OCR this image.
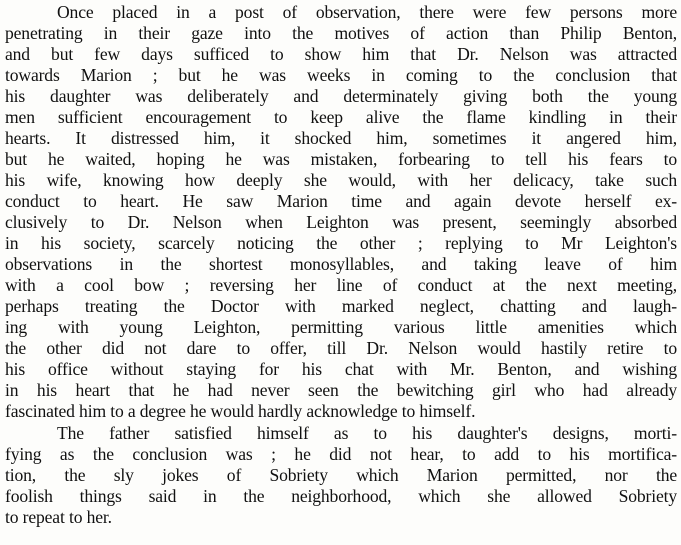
Once placed in a post of observation, there were few persons more
penetrating in their gaze into the motives of action than Philip Benton,
and but few days sufficed to show him that Dr. Nelson was attracted
towards Marion ; but he was weeks in coming to the conclusion that
his daughter was deliberately and determinately giving both the young
men sufficient encouragement to keep alive the flame kindling in their
hearts. It distressed him, it shocked him, sometimes it angered him,
but he waited, hoping he was mistaken, forbearing to tell his fears to
his wife, knowing how deeply she would, with her delicacy, take such
conduct to heart. He saw Marion time and again devote herself ex-
clusively to Dr. Nelson when Leighton was present, seemingly absorbed
in his society, scarcely noticing the other ; replying to Mr Leighton's
observations in the shortest monosyllables, and taking leave of him
with a cool bow ; reversing her line of conduct at the next meeting,
perhaps treating the Doctor with marked neglect, chatting and laugh-
ing with young Leighton, permitting various little amenities which
the other did not dare to offer, till Dr. Nelson would hastily retire to
his office without staying for his chat with Mr. Benton, and wishing
in his heart that he had never seen the bewitching girl who had already
fascinated him to a degree he would hardly acknowledge to himself.
The father satisfied himself as to his daughter's designs, morti-
fying as the conclusion was ; he did not hear, to add to his mortifica-
tion, the sly jokes of Sobriety which Marion permitted, nor the
foolish things said in the neighborhood, which she allowed Sobriety
to repeat to her.
